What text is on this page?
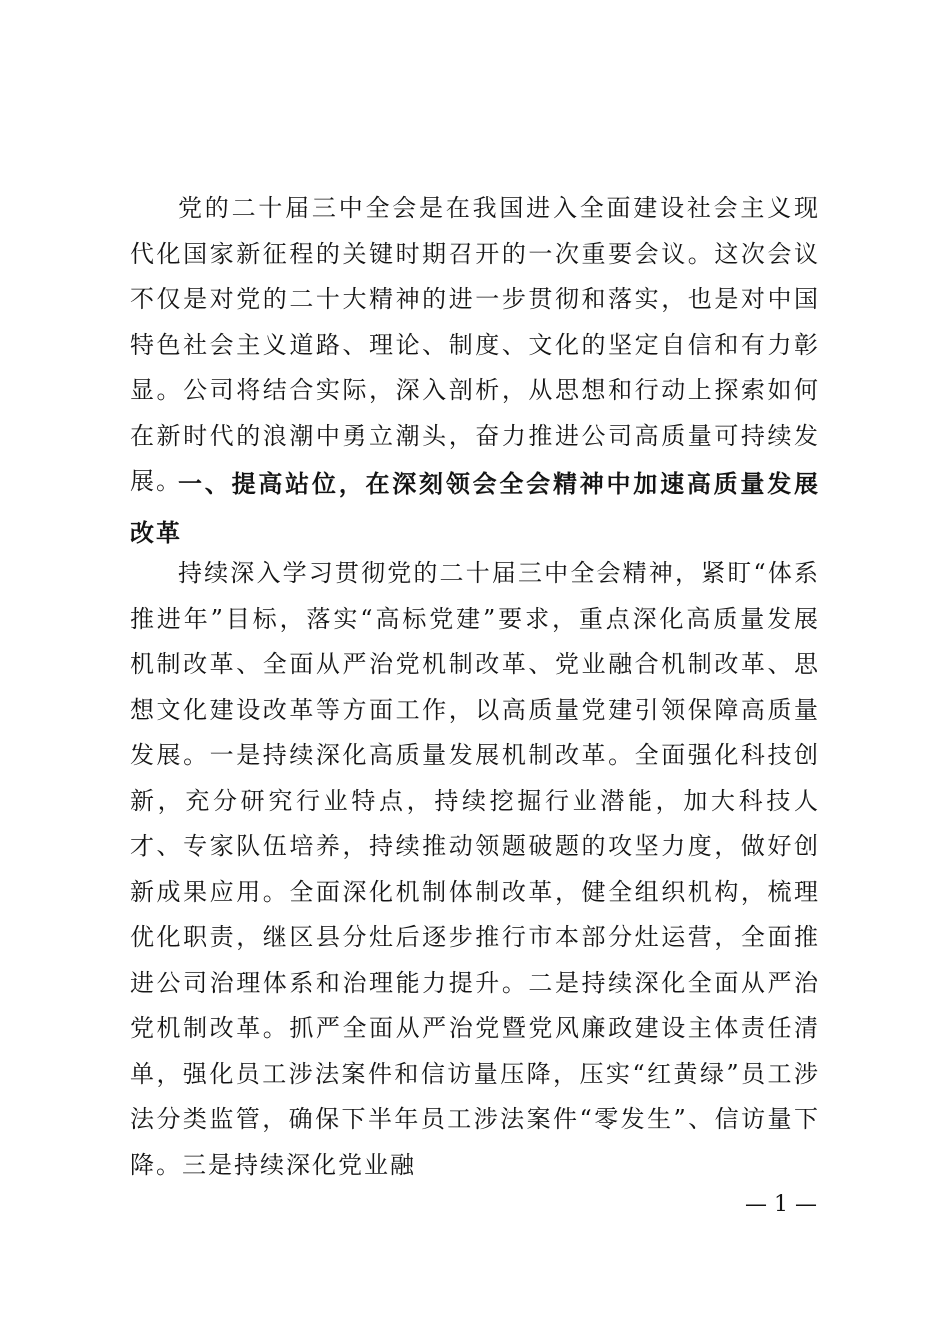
党的二十届三中全会是在我国进入全面建设社会主义现代化国家新征程的关键时期召开的一次重要会议。这次会议不仅是对党的二十大精神的进一步贯彻和落实，也是对中国特色社会主义道路、理论、制度、文化的坚定自信和有力彰显。公司将结合实际，深入剖析，从思想和行动上探索如何在新时代的浪潮中勇立潮头，奋力推进公司高质量可持续发展。

一、提高站位，在深刻领会全会精神中加速高质量发展改革

持续深入学习贯彻党的二十届三中全会精神，紧盯“体系推进年”目标，落实“高标党建”要求，重点深化高质量发展机制改革、全面从严治党机制改革、党业融合机制改革、思想文化建设改革等方面工作，以高质量党建引领保障高质量发展。一是持续深化高质量发展机制改革。全面强化科技创新，充分研究行业特点，持续挖掘行业潜能，加大科技人才、专家队伍培养，持续推动领题破题的攻坚力度，做好创新成果应用。全面深化机制体制改革，健全组织机构，梳理优化职责，继区县分灶后逐步推行市本部分灶运营，全面推进公司治理体系和治理能力提升。二是持续深化全面从严治党机制改革。抓严全面从严治党暨党风廉政建设主体责任清单，强化员工涉法案件和信访量压降，压实“红黄绿”员工涉法分类监管，确保下半年员工涉法案件“零发生”、信访量下降。三是持续深化党业融

— 1 —
